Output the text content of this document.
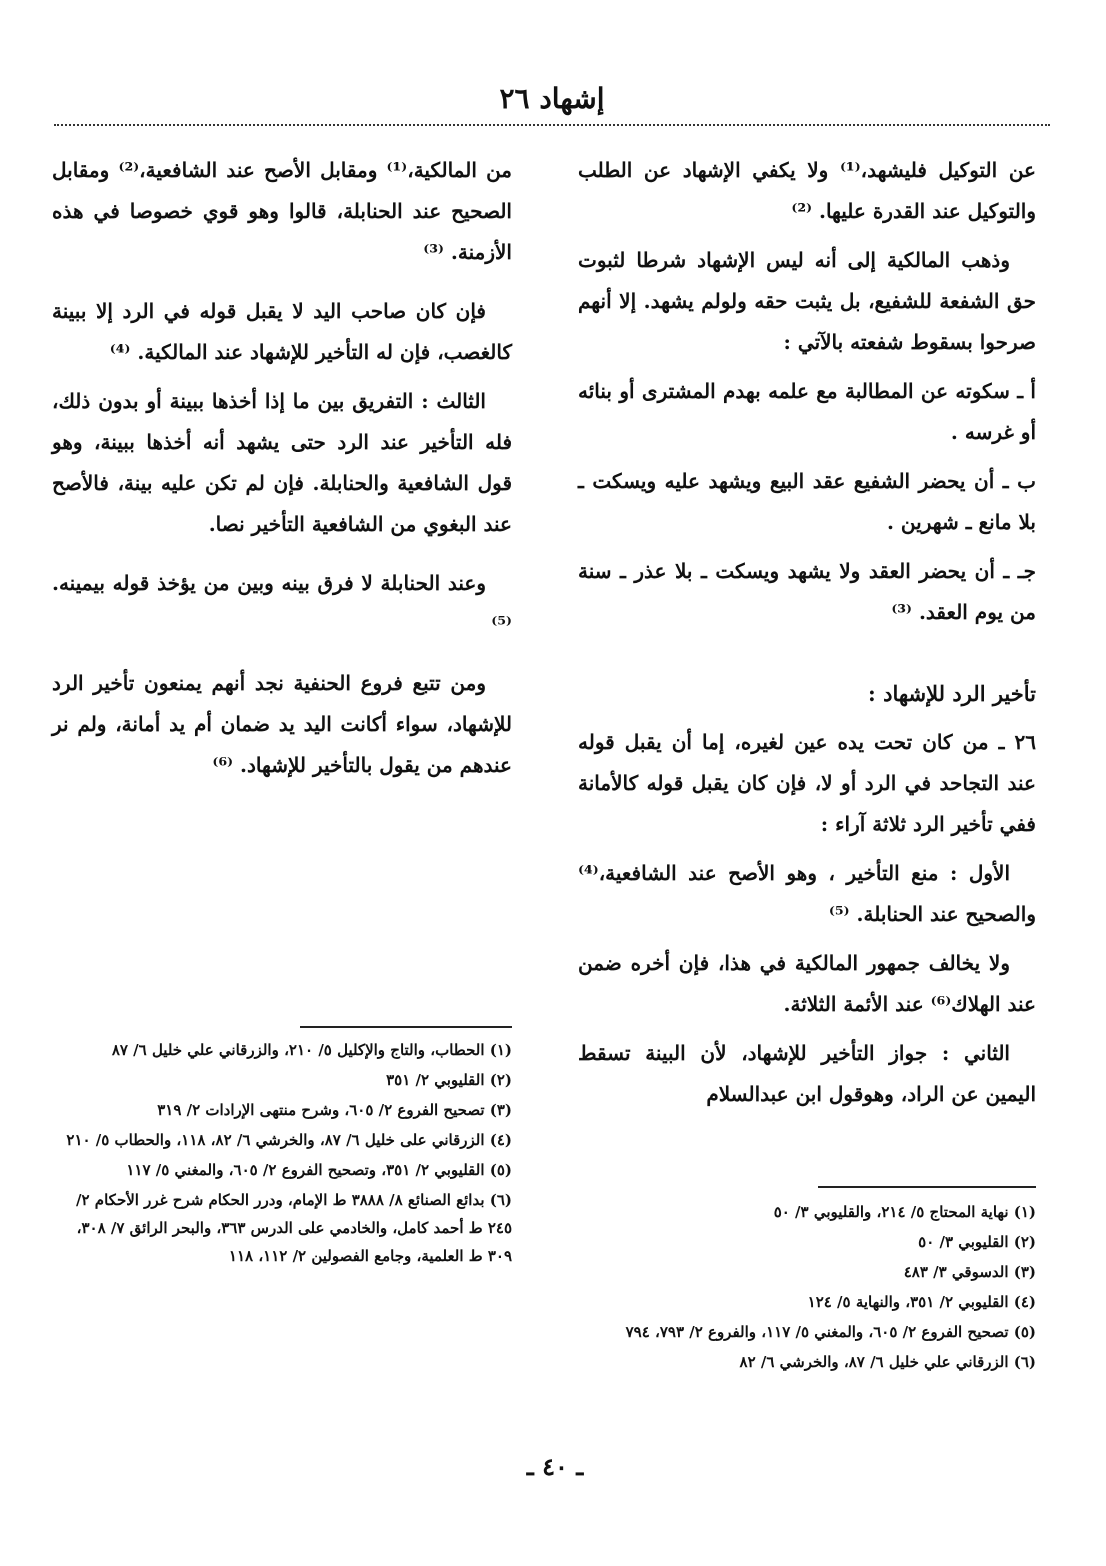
إشهاد ٢٦

عن التوكيل فليشهد،⁽¹⁾ ولا يكفي الإشهاد عن الطلب والتوكيل عند القدرة عليها. ⁽²⁾

وذهب المالكية إلى أنه ليس الإشهاد شرطا لثبوت حق الشفعة للشفيع، بل يثبت حقه ولولم يشهد. إلا أنهم صرحوا بسقوط شفعته بالآتي :

أ ـ سكوته عن المطالبة مع علمه بهدم المشترى أو بنائه أو غرسه .

ب ـ أن يحضر الشفيع عقد البيع ويشهد عليه ويسكت ـ بلا مانع ـ شهرين .

جـ ـ أن يحضر العقد ولا يشهد ويسكت ـ بلا عذر ـ سنة من يوم العقد. ⁽³⁾

تأخير الرد للإشهاد :

٢٦ ـ من كان تحت يده عين لغيره، إما أن يقبل قوله عند التجاحد في الرد أو لا، فإن كان يقبل قوله كالأمانة ففي تأخير الرد ثلاثة آراء :

الأول : منع التأخير ، وهو الأصح عند الشافعية،⁽⁴⁾ والصحيح عند الحنابلة. ⁽⁵⁾

ولا يخالف جمهور المالكية في هذا، فإن أخره ضمن عند الهلاك⁽⁶⁾ عند الأئمة الثلاثة.

الثاني : جواز التأخير للإشهاد، لأن البينة تسقط اليمين عن الراد، وهوقول ابن عبدالسلام

من المالكية،⁽¹⁾ ومقابل الأصح عند الشافعية،⁽²⁾ ومقابل الصحيح عند الحنابلة، قالوا وهو قوي خصوصا في هذه الأزمنة. ⁽³⁾

فإن كان صاحب اليد لا يقبل قوله في الرد إلا ببينة كالغصب، فإن له التأخير للإشهاد عند المالكية. ⁽⁴⁾

الثالث : التفريق بين ما إذا أخذها ببينة أو بدون ذلك، فله التأخير عند الرد حتى يشهد أنه أخذها ببينة، وهو قول الشافعية والحنابلة. فإن لم تكن عليه بينة، فالأصح عند البغوي من الشافعية التأخير نصا.

وعند الحنابلة لا فرق بينه وبين من يؤخذ قوله بيمينه. ⁽⁵⁾

ومن تتبع فروع الحنفية نجد أنهم يمنعون تأخير الرد للإشهاد، سواء أكانت اليد يد ضمان أم يد أمانة، ولم نر عندهم من يقول بالتأخير للإشهاد. ⁽⁶⁾

(١) الحطاب، والتاج والإكليل ٥/ ٢١٠، والزرقاني علي خليل ٦/ ٨٧
(٢) القليوبي ٢/ ٣٥١
(٣) تصحيح الفروع ٢/ ٦٠٥، وشرح منتهى الإرادات ٢/ ٣١٩
(٤) الزرقاني على خليل ٦/ ٨٧، والخرشي ٦/ ٨٢، ١١٨، والحطاب ٥/ ٢١٠
(٥) القليوبي ٢/ ٣٥١، وتصحيح الفروع ٢/ ٦٠٥، والمغني ٥/ ١١٧
(٦) بدائع الصنائع ٨/ ٣٨٨٨ ط الإمام، ودرر الحكام شرح غرر الأحكام ٢/ ٢٤٥ ط أحمد كامل، والخادمي على الدرس ٣٦٣، والبحر الرائق ٧/ ٣٠٨، ٣٠٩ ط العلمية، وجامع الفصولين ٢/ ١١٢، ١١٨
(١) نهاية المحتاج ٥/ ٢١٤، والقليوبي ٣/ ٥٠
(٢) القليوبي ٣/ ٥٠
(٣) الدسوقي ٣/ ٤٨٣
(٤) القليوبي ٢/ ٣٥١، والنهاية ٥/ ١٢٤
(٥) تصحيح الفروع ٢/ ٦٠٥، والمغني ٥/ ١١٧، والفروع ٢/ ٧٩٣، ٧٩٤
(٦) الزرقاني علي خليل ٦/ ٨٧، والخرشي ٦/ ٨٢
ـ ٤٠ ـ
